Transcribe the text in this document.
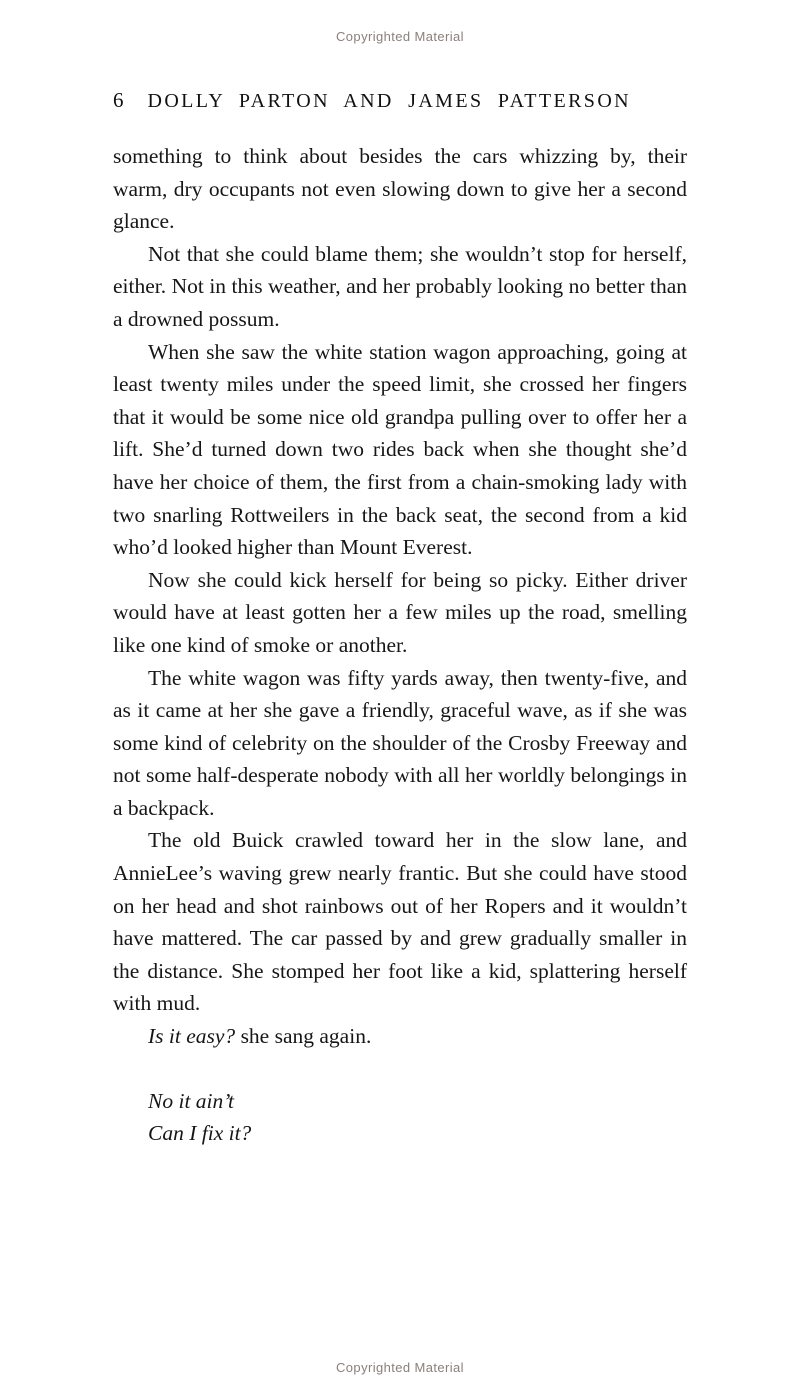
Copyrighted Material
6 DOLLY PARTON AND JAMES PATTERSON

something to think about besides the cars whizzing by, their warm, dry occupants not even slowing down to give her a second glance.

Not that she could blame them; she wouldn’t stop for herself, either. Not in this weather, and her probably looking no better than a drowned possum.

When she saw the white station wagon approaching, going at least twenty miles under the speed limit, she crossed her fingers that it would be some nice old grandpa pulling over to offer her a lift. She’d turned down two rides back when she thought she’d have her choice of them, the first from a chain-smoking lady with two snarling Rottweilers in the back seat, the second from a kid who’d looked higher than Mount Everest.

Now she could kick herself for being so picky. Either driver would have at least gotten her a few miles up the road, smelling like one kind of smoke or another.

The white wagon was fifty yards away, then twenty-five, and as it came at her she gave a friendly, graceful wave, as if she was some kind of celebrity on the shoulder of the Crosby Freeway and not some half-desperate nobody with all her worldly belongings in a backpack.

The old Buick crawled toward her in the slow lane, and AnnieLee’s waving grew nearly frantic. But she could have stood on her head and shot rainbows out of her Ropers and it wouldn’t have mattered. The car passed by and grew gradually smaller in the distance. She stomped her foot like a kid, splattering herself with mud.

Is it easy? she sang again.

No it ain’t
Can I fix it?
Copyrighted Material
